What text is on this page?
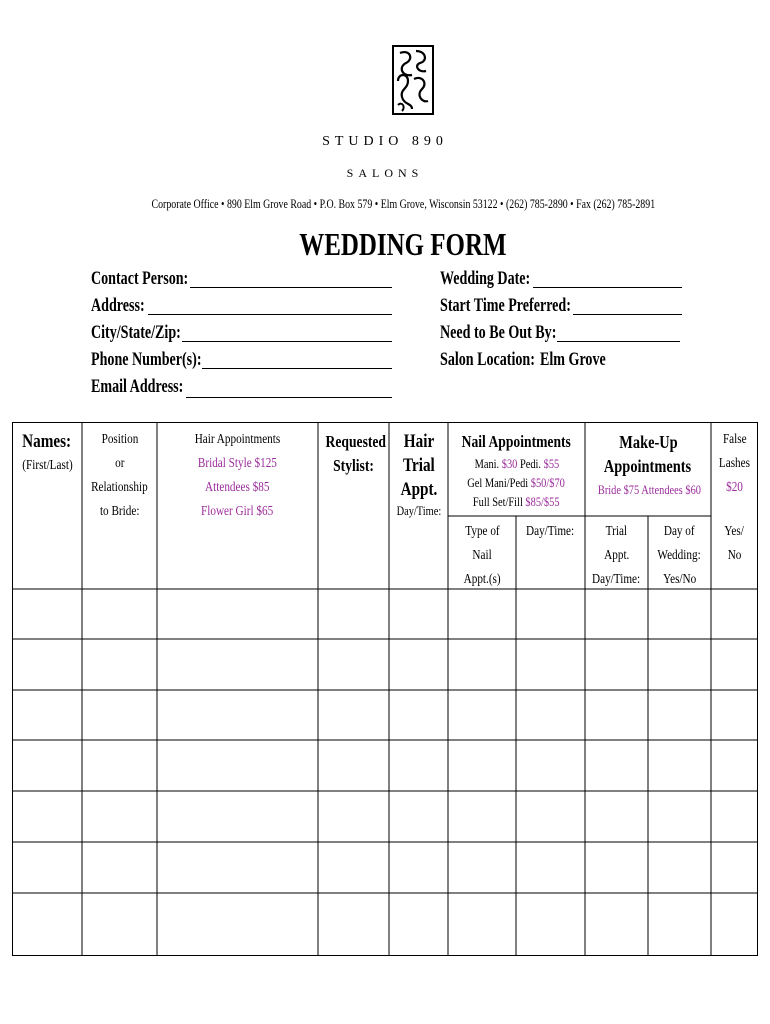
STUDIO 890
SALONS
Corporate Office • 890 Elm Grove Road • P.O. Box 579 • Elm Grove, Wisconsin 53122 • (262) 785-2890 • Fax (262) 785-2891
WEDDING FORM
Contact Person:
Address:
City/State/Zip:
Phone Number(s):
Email Address:
Wedding Date:
Start Time Preferred:
Need to Be Out By:
Salon Location: Elm Grove
Names:
(First/Last)
Position
or
Relationship
to Bride:
Hair Appointments
Bridal Style $125
Attendees $85
Flower Girl $65
Requested
Stylist:
Hair
Trial
Appt.
Day/Time:
Nail Appointments
Mani. $30 Pedi. $55
Gel Mani/Pedi $50/$70
Full Set/Fill $85/$55
Type of
Nail
Appt.(s)
Day/Time:
Make-Up
Appointments
Bride $75 Attendees $60
Trial
Appt.
Day/Time:
Day of
Wedding:
Yes/No
False
Lashes
$20
Yes/
No
